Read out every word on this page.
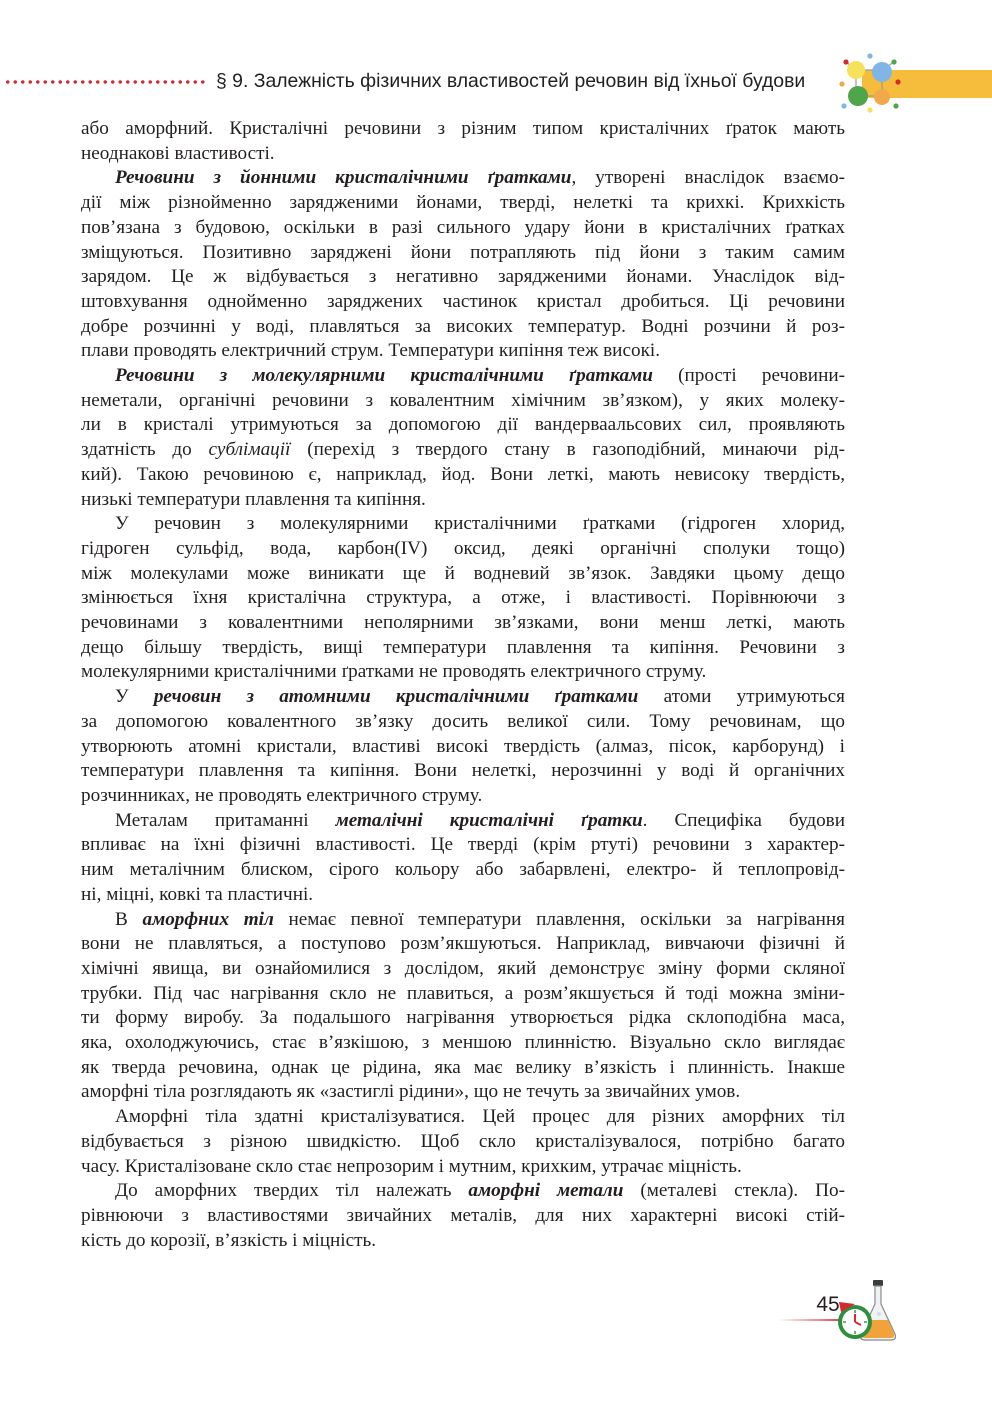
§ 9. Залежність фізичних властивостей речовин від їхньої будови

або аморфний. Кристалічні речовини з різним типом кристалічних ґраток мають

неоднакові властивості.

Речовини з йонними кристалічними ґратками, утворені внаслідок взаємо-

дії між різнойменно зарядженими йонами, тверді, нелеткі та крихкі. Крихкість

пов’язана з будовою, оскільки в разі сильного удару йони в кристалічних ґратках

зміщуються. Позитивно заряджені йони потрапляють під йони з таким самим

зарядом. Це ж відбувається з негативно зарядженими йонами. Унаслідок від-

штовхування однойменно заряджених частинок кристал дробиться. Ці речовини

добре розчинні у воді, плавляться за високих температур. Водні розчини й роз-

плави проводять електричний струм. Температури кипіння теж високі.

Речовини з молекулярними кристалічними ґратками (прості речовини-

неметали, органічні речовини з ковалентним хімічним зв’язком), у яких молеку-

ли в кристалі утримуються за допомогою дії вандерваальсових сил, проявляють

здатність до сублімації (перехід з твердого стану в газоподібний, минаючи рід-

кий). Такою речовиною є, наприклад, йод. Вони леткі, мають невисоку твердість,

низькі температури плавлення та кипіння.

У речовин з молекулярними кристалічними ґратками (гідроген хлорид,

гідроген сульфід, вода, карбон(IV) оксид, деякі органічні сполуки тощо)

між молекулами може виникати ще й водневий зв’язок. Завдяки цьому дещо

змінюється їхня кристалічна структура, а отже, і властивості. Порівнюючи з

речовинами з ковалентними неполярними зв’язками, вони менш леткі, мають

дещо більшу твердість, вищі температури плавлення та кипіння. Речовини з

молекулярними кристалічними ґратками не проводять електричного струму.

У речовин з атомними кристалічними ґратками атоми утримуються

за допомогою ковалентного зв’язку досить великої сили. Тому речовинам, що

утворюють атомні кристали, властиві високі твердість (алмаз, пісок, карборунд) і

температури плавлення та кипіння. Вони нелеткі, нерозчинні у воді й органічних

розчинниках, не проводять електричного струму.

Металам притаманні металічні кристалічні ґратки. Специфіка будови

впливає на їхні фізичні властивості. Це тверді (крім ртуті) речовини з характер-

ним металічним блиском, сірого кольору або забарвлені, електро- й теплопровід-

ні, міцні, ковкі та пластичні.

В аморфних тіл немає певної температури плавлення, оскільки за нагрівання

вони не плавляться, а поступово розм’якшуються. Наприклад, вивчаючи фізичні й

хімічні явища, ви ознайомилися з дослідом, який демонструє зміну форми скляної

трубки. Під час нагрівання скло не плавиться, а розм’якшується й тоді можна зміни-

ти форму виробу. За подальшого нагрівання утворюється рідка склоподібна маса,

яка, охолоджуючись, стає в’язкішою, з меншою плинністю. Візуально скло виглядає

як тверда речовина, однак це рідина, яка має велику в’язкість і плинність. Інакше

аморфні тіла розглядають як «застиглі рідини», що не течуть за звичайних умов.

Аморфні тіла здатні кристалізуватися. Цей процес для різних аморфних тіл

відбувається з різною швидкістю. Щоб скло кристалізувалося, потрібно багато

часу. Кристалізоване скло стає непрозорим і мутним, крихким, утрачає міцність.

До аморфних твердих тіл належать аморфні метали (металеві стекла). По-

рівнюючи з властивостями звичайних металів, для них характерні високі стій-

кість до корозії, в’язкість і міцність.

45
